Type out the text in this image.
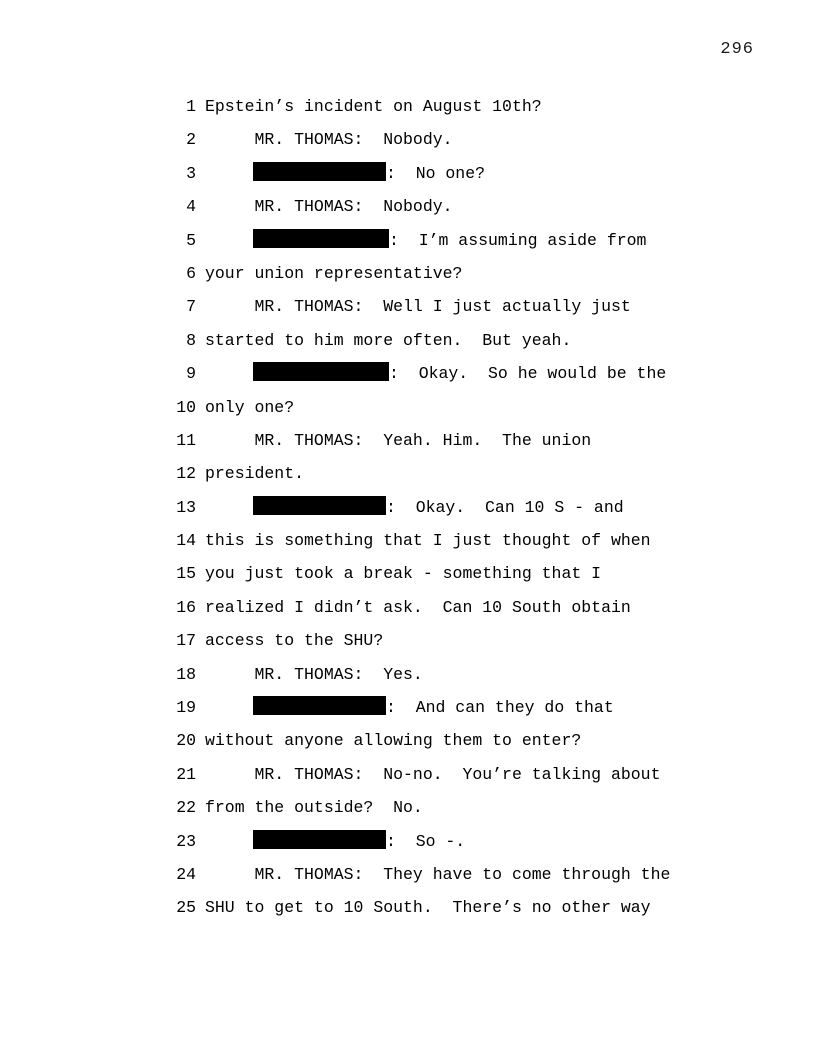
296
1 Epstein’s incident on August 10th?
2 MR. THOMAS:  Nobody.
3	:  No one?
4 MR. THOMAS:  Nobody.
5	:  I’m assuming aside from
6 your union representative?
7 MR. THOMAS:  Well I just actually just
8 started to him more often.  But yeah.
9	:  Okay.  So he would be the
10 only one?
11 MR. THOMAS:  Yeah. Him.  The union
12 president.
13	:  Okay.  Can 10 S - and
14 this is something that I just thought of when
15 you just took a break - something that I
16 realized I didn’t ask.  Can 10 South obtain
17 access to the SHU?
18 MR. THOMAS:  Yes.
19	:  And can they do that
20 without anyone allowing them to enter?
21 MR. THOMAS:  No-no.  You’re talking about
22 from the outside?  No.
23	:  So -.
24 MR. THOMAS:  They have to come through the
25 SHU to get to 10 South.  There’s no other way
